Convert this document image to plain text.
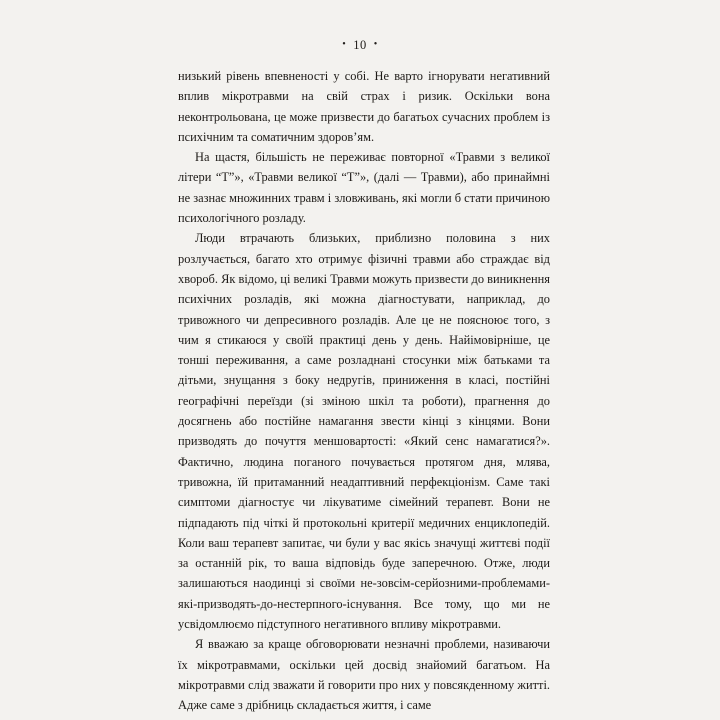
• 10 •

низький рівень впевненості у собі. Не варто ігнорувати негативний вплив мікротравми на свій страх і ризик. Оскільки вона неконтрольована, це може призвести до багатьох сучасних проблем із психічним та соматичним здоров’ям.

На щастя, більшість не переживає повторної «Травми з великої літери “Т”», «Травми великої “Т”», (далі — Травми), або принаймні не зазнає множинних травм і зловживань, які могли б стати причиною психологічного розладу.

Люди втрачають близьких, приблизно половина з них розлучається, багато хто отримує фізичні травми або страждає від хвороб. Як відомо, ці великі Травми можуть призвести до виникнення психічних розладів, які можна діагностувати, наприклад, до тривожного чи депресивного розладів. Але це не поясноює того, з чим я стикаюся у своїй практиці день у день. Найімовірніше, це тонші переживання, а саме розладнані стосунки між батьками та дітьми, знущання з боку недругів, приниження в класі, постійні географічні переїзди (зі зміною шкіл та роботи), прагнення до досягнень або постійне намагання звести кінці з кінцями. Вони призводять до почуття меншовартості: «Який сенс намагатися?». Фактично, людина поганого почувається протягом дня, млява, тривожна, їй притаманний неадаптивний перфекціонізм. Саме такі симптоми діагностує чи лікуватиме сімейний терапевт. Вони не підпадають під чіткі й протокольні критерії медичних енциклопедій. Коли ваш терапевт запитає, чи були у вас якісь значущі життєві події за останній рік, то ваша відповідь буде заперечною. Отже, люди залишаються наодинці зі своїми не-зовсім-серйозними-проблемами-які-призводять-до-нестерпного-існування. Все тому, що ми не усвідомлюємо підступного негативного впливу мікротравми.

Я вважаю за краще обговорювати незначні проблеми, називаючи їх мікротравмами, оскільки цей досвід знайомий багатьом. На мікротравми слід зважати й говорити про них у повсякденному житті. Адже саме з дрібниць складається життя, і саме
